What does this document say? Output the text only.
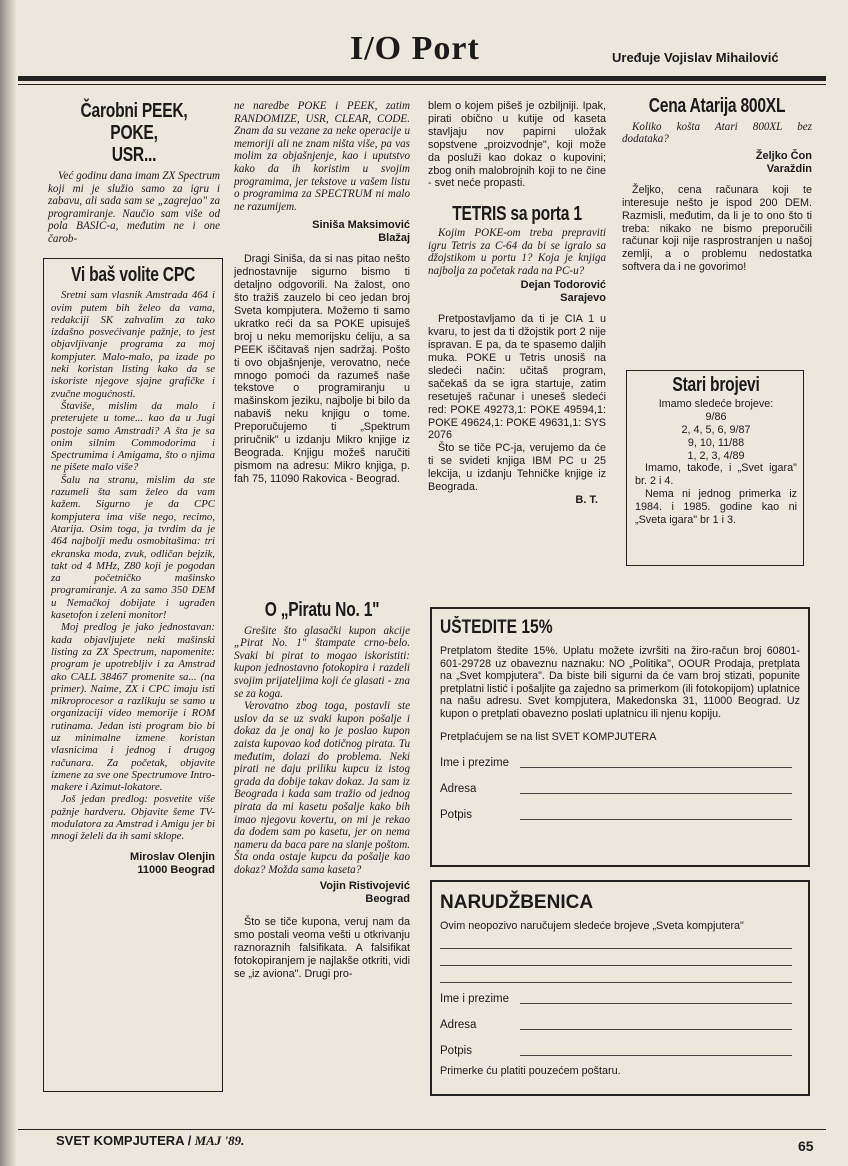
I/O Port	Uređuje Vojislav Mihailović
Čarobni PEEK, POKE,
USR...

Već godinu dana imam ZX Spectrum koji mi je služio samo za igru i zabavu, ali sada sam se „zagrejao" za programiranje. Naučio sam više od pola BASIC-a, međutim ne i one čarob-

Vi baš volite CPC

Sretni sam vlasnik Amstrada 464 i ovim putem bih želeo da vama, redakciji SK zahvalim za tako izdašno posvećivanje pažnje, to jest objavljivanje programa za moj kompjuter. Malo-malo, pa izade po neki koristan listing kako da se iskoriste njegove sjajne grafičke i zvučne mogućnosti.

Štaviše, mislim da malo i preterujete u tome... kao da u Jugi postoje samo Amstradi? A šta je sa onim silnim Commodorima i Spectrumima i Amigama, što o njima ne pišete malo više?

Šalu na stranu, mislim da ste razumeli šta sam želeo da vam kažem. Sigurno je da CPC kompjutera ima više nego, recimo, Atarija. Osim toga, ja tvrdim da je 464 najbolji među osmobitašima: tri ekranska moda, zvuk, odličan bejzik, takt od 4 MHz, Z80 koji je pogodan za početničko mašinsko programiranje. A za samo 350 DEM u Nemačkoj dobijate i ugrađen kasetofon i zeleni monitor!

Moj predlog je jako jednostavan: kada objavljujete neki mašinski listing za ZX Spectrum, napomenite: program je upotrebljiv i za Amstrad ako CALL 38467 promenite sa... (na primer). Naime, ZX i CPC imaju isti mikroprocesor a razlikuju se samo u organizaciji video memorije i ROM rutinama. Jedan isti program bio bi uz minimalne izmene koristan vlasnicima i jednog i drugog računara. Za početak, objavite izmene za sve one Spectrumove Intro-makere i Azimut-lokatore.

Još jedan predlog: posvetite više pažnje hardveru. Objavite šeme TV-modulatora za Amstrad i Amigu jer bi mnogi želeli da ih sami sklope.

Miroslav Olenjin
11000 Beograd

ne naredbe POKE i PEEK, zatim RANDOMIZE, USR, CLEAR, CODE. Znam da su vezane za neke operacije u memoriji ali ne znam ništa više, pa vas molim za objašnjenje, kao i uputstvo kako da ih koristim u svojim programima, jer tekstove u vašem listu o programima za SPECTRUM ni malo ne razumijem.

Siniša Maksimović
Blažaj

Dragi Siniša, da si nas pitao nešto jednostavnije sigurno bismo ti detaljno odgovorili. Na žalost, ono što tražiš zauzelo bi ceo jedan broj Sveta kompjutera. Možemo ti samo ukratko reći da sa POKE upisuješ broj u neku memorijsku ćeliju, a sa PEEK iščitavaš njen sadržaj. Pošto ti ovo objašnjenje, verovatno, neće mnogo pomoći da razumeš naše tekstove o programiranju u mašinskom jeziku, najbolje bi bilo da nabaviš neku knjigu o tome. Preporučujemo ti „Spektrum priručnik" u izdanju Mikro knjige iz Beograda. Knjigu možeš naručiti pismom na adresu: Mikro knjiga, p. fah 75, 11090 Rakovica - Beograd.

O „Piratu No. 1"

Grešite što glasački kupon akcije „Pirat No. 1" štampate crno-belo. Svaki bi pirat to mogao iskoristiti: kupon jednostavno fotokopira i razdeli svojim prijateljima koji će glasati - zna se za koga.

Verovatno zbog toga, postavli ste uslov da se uz svaki kupon pošalje i dokaz da je onaj ko je poslao kupon zaista kupovao kod dotičnog pirata. Tu međutim, dolazi do problema. Neki pirati ne daju priliku kupcu iz istog grada da dobije takav dokaz. Ja sam iz Beograda i kada sam tražio od jednog pirata da mi kasetu pošalje kako bih imao njegovu kovertu, on mi je rekao da dodem sam po kasetu, jer on nema nameru da baca pare na slanje poštom. Šta onda ostaje kupcu da pošalje kao dokaz? Možda sama kaseta?

Vojin Ristivojević
Beograd

Što se tiče kupona, veruj nam da smo postali veoma vešti u otkrivanju raznoraznih falsifikata. A falsifikat fotokopiranjem je najlakše otkriti, vidi se „iz aviona". Drugi pro-

blem o kojem pišeš je ozbiljniji. Ipak, pirati obično u kutije od kaseta stavljaju nov papirni uložak sopstvene „proizvodnje", koji može da posluži kao dokaz o kupovini; zbog onih malobrojnih koji to ne čine - svet neće propasti.

TETRIS sa porta 1

Kojim POKE-om treba prepraviti igru Tetris za C-64 da bi se igralo sa džojstikom u portu 1? Koja je knjiga najbolja za početak rada na PC-u?

Dejan Todorović
Sarajevo

Pretpostavljamo da ti je CIA 1 u kvaru, to jest da ti džojstik port 2 nije ispravan. E pa, da te spasemo daljih muka. POKE u Tetris unosiš na sledeći način: učitaš program, sačekaš da se igra startuje, zatim resetuješ računar i uneseš sledeći red: POKE 49273,1: POKE 49594,1: POKE 49624,1: POKE 49631,1: SYS 2076

Što se tiče PC-ja, verujemo da će ti se svideti knjiga IBM PC u 25 lekcija, u izdanju Tehničke knjige iz Beograda.

B. T.
Cena Atarija 800XL

Koliko košta Atari 800XL bez dodataka?

Željko Čon
Varaždin

Željko, cena računara koji te interesuje nešto je ispod 200 DEM. Razmisli, međutim, da li je to ono što ti treba: nikako ne bismo preporučili računar koji nije rasprostranjen u našoj zemlji, a o problemu nedostatka softvera da i ne govorimo!

Stari brojevi

Imamo sledeće brojeve:

9/86

2, 4, 5, 6, 9/87

9, 10, 11/88

1, 2, 3, 4/89

Imamo, takođe, i „Svet igara" br. 2 i 4.

Nema ni jednog primerka iz 1984. i 1985. godine kao ni „Sveta igara" br 1 i 3.

UŠTEDITE 15%

Pretplatom štedite 15%. Uplatu možete izvršiti na žiro-račun broj 60801-601-29728 uz obaveznu naznaku: NO „Politika", OOUR Prodaja, pretplata na „Svet kompjutera". Da biste bili sigurni da će vam broj stizati, popunite pretplatni listić i pošaljite ga zajedno sa primerkom (ili fotokopijom) uplatnice na našu adresu. Svet kompjutera, Makedonska 31, 11000 Beograd. Uz kupon o pretplati obavezno poslati uplatnicu ili njenu kopiju.

Pretplaćujem se na list SVET KOMPJUTERA

Ime i prezime
Adresa
Potpis
NARUDŽBENICA

Ovim neopozivo naručujem sledeće brojeve „Sveta kompjutera"

Ime i prezime
Adresa
Potpis

Primerke ću platiti pouzećem poštaru.

SVET KOMPJUTERA / MAJ '89.	65
